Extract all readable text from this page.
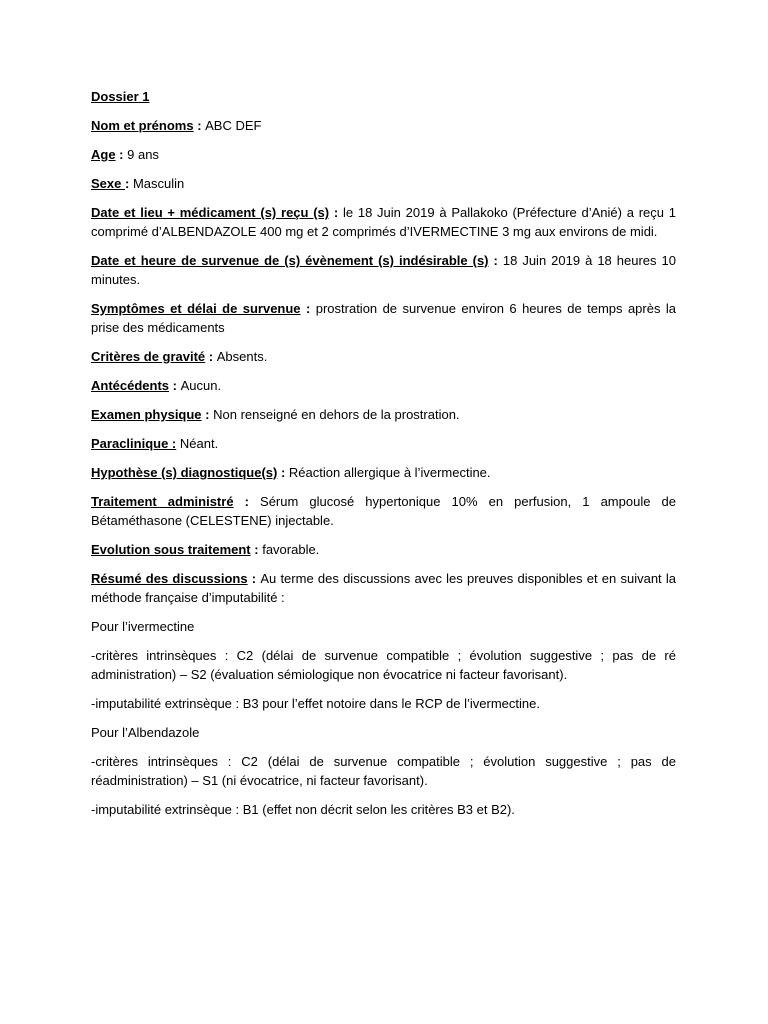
Dossier 1

Nom et prénoms : ABC DEF

Age : 9 ans

Sexe : Masculin

Date et lieu + médicament (s) reçu (s) : le 18 Juin 2019 à Pallakoko (Préfecture d’Anié) a reçu 1 comprimé d’ALBENDAZOLE 400 mg et 2 comprimés d’IVERMECTINE 3 mg aux environs de midi.

Date et heure de survenue de (s) évènement (s) indésirable (s) : 18 Juin 2019 à 18 heures 10 minutes.

Symptômes et délai de survenue : prostration de survenue environ 6 heures de temps après la prise des médicaments

Critères de gravité : Absents.

Antécédents : Aucun.

Examen physique : Non renseigné en dehors de la prostration.

Paraclinique : Néant.

Hypothèse (s) diagnostique(s) : Réaction allergique à l’ivermectine.

Traitement administré : Sérum glucosé hypertonique 10% en perfusion, 1 ampoule de Bétaméthasone (CELESTENE) injectable.

Evolution sous traitement : favorable.

Résumé des discussions : Au terme des discussions avec les preuves disponibles et en suivant la méthode française d’imputabilité :

Pour l’ivermectine

-critères intrinsèques : C2 (délai de survenue compatible ; évolution suggestive ; pas de ré administration) – S2 (évaluation sémiologique non évocatrice ni facteur favorisant).

-imputabilité extrinsèque : B3 pour l’effet notoire dans le RCP de l’ivermectine.

Pour l’Albendazole

-critères intrinsèques : C2 (délai de survenue compatible ; évolution suggestive ; pas de réadministration) – S1 (ni évocatrice, ni facteur favorisant).

-imputabilité extrinsèque : B1 (effet non décrit selon les critères B3 et B2).
